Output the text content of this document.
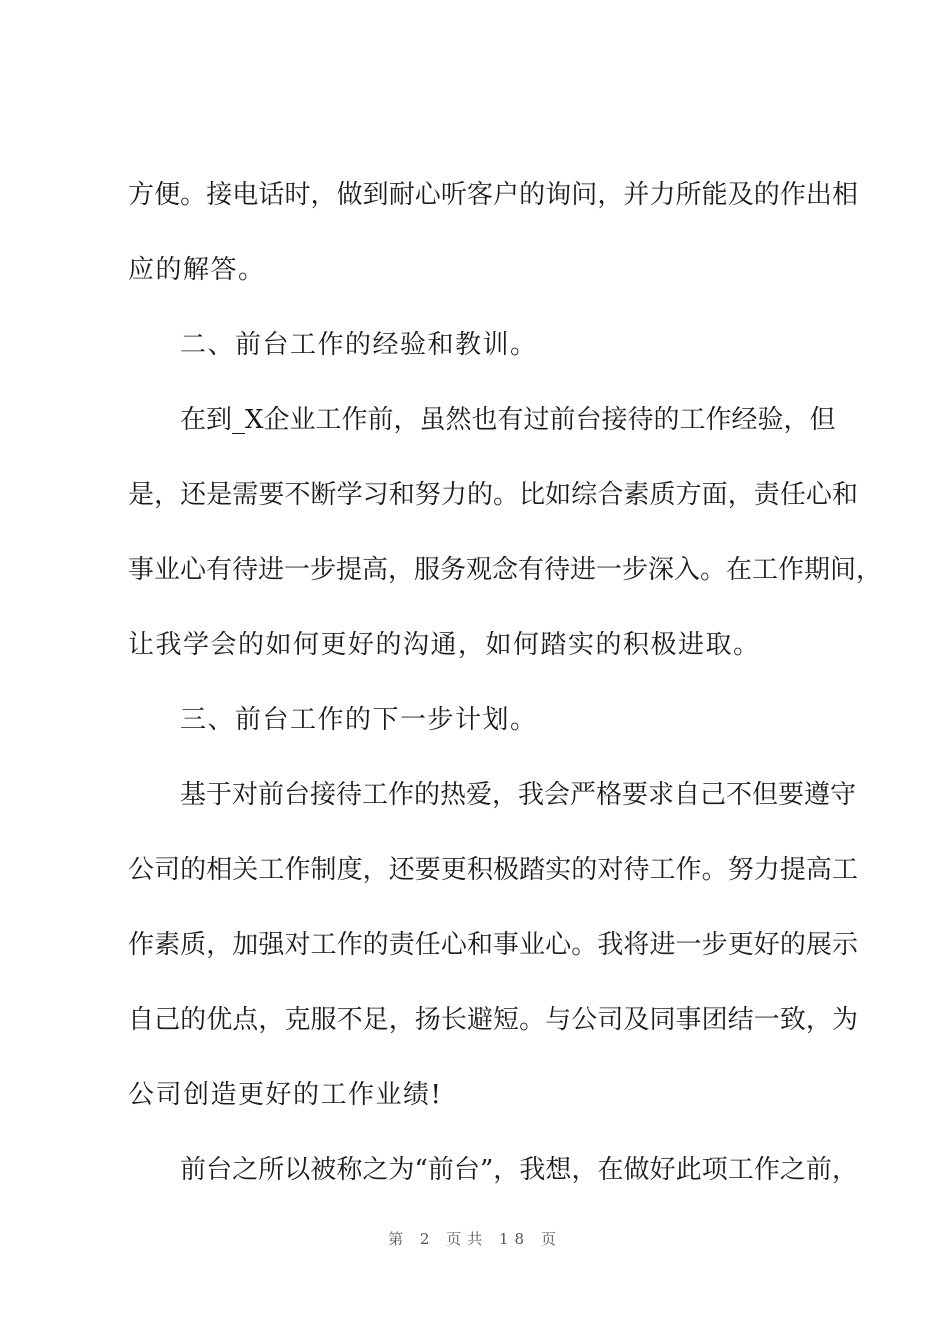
方便。接电话时，做到耐心听客户的询问，并力所能及的作出相
应的解答。
二、前台工作的经验和教训。
在到_X企业工作前，虽然也有过前台接待的工作经验，但
是，还是需要不断学习和努力的。比如综合素质方面，责任心和
事业心有待进一步提高，服务观念有待进一步深入。在工作期间，
让我学会的如何更好的沟通，如何踏实的积极进取。
三、前台工作的下一步计划。
基于对前台接待工作的热爱，我会严格要求自己不但要遵守
公司的相关工作制度，还要更积极踏实的对待工作。努力提高工
作素质，加强对工作的责任心和事业心。我将进一步更好的展示
自己的优点，克服不足，扬长避短。与公司及同事团结一致，为
公司创造更好的工作业绩!
前台之所以被称之为“前台”，我想，在做好此项工作之前，
第 2 页共 18 页
